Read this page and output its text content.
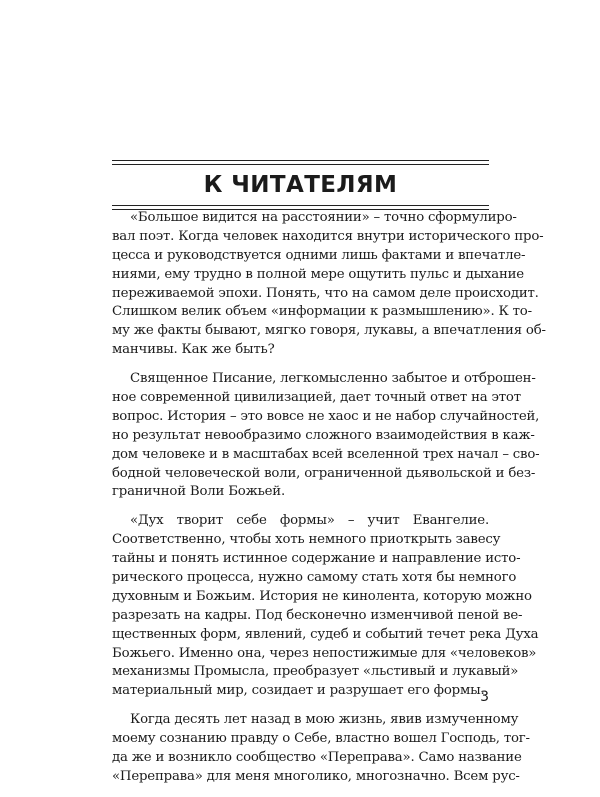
К ЧИТАТЕЛЯМ
«Большое видится на расстоянии» – точно сформулиро-
вал поэт. Когда человек находится внутри исторического про-
цесса и руководствуется одними лишь фактами и впечатле-
ниями, ему трудно в полной мере ощутить пульс и дыхание
переживаемой эпохи. Понять, что на самом деле происходит.
Слишком велик объем «информации к размышлению». К то-
му же факты бывают, мягко говоря, лукавы, а впечатления об-
манчивы. Как же быть?
Священное Писание, легкомысленно забытое и отброшен-
ное современной цивилизацией, дает точный ответ на этот
вопрос. История – это вовсе не хаос и не набор случайностей,
но результат невообразимо сложного взаимодействия в каж-
дом человеке и в масштабах всей вселенной трех начал – сво-
бодной человеческой воли, ограниченной дьявольской и без-
граничной Воли Божьей.
«Дух творит себе формы» – учит Евангелие.
Соответственно, чтобы хоть немного приоткрыть завесу
тайны и понять истинное содержание и направление исто-
рического процесса, нужно самому стать хотя бы немного
духовным и Божьим. История не кинолента, которую можно
разрезать на кадры. Под бесконечно изменчивой пеной ве-
щественных форм, явлений, судеб и событий течет река Духа
Божьего. Именно она, через непостижимые для «человеков»
механизмы Промысла, преобразует «льстивый и лукавый»
материальный мир, созидает и разрушает его формы.
Когда десять лет назад в мою жизнь, явив измученному
моему сознанию правду о Себе, властно вошел Господь, тог-
да же и возникло сообщество «Переправа». Само название
«Переправа» для меня многолико, многозначно. Всем рус-
3
